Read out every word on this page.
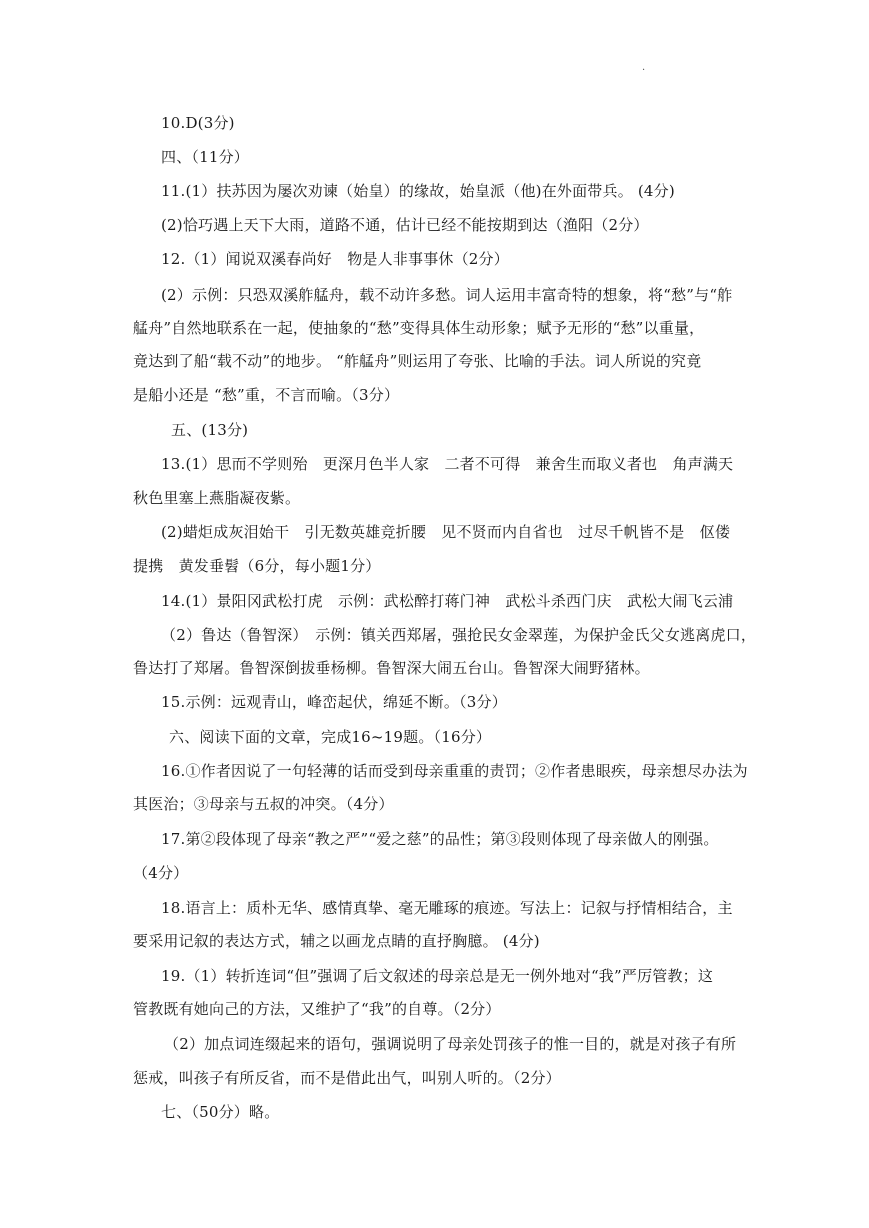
·
10.D(3分)
四、（11分）
11.(1）扶苏因为屡次劝谏（始皇）的缘故，始皇派（他)在外面带兵。 (4分)
(2)恰巧遇上天下大雨，道路不通，估计已经不能按期到达（渔阳（2分）
12.（1）闻说双溪春尚好　物是人非事事休（2分）
(2）示例：只恐双溪舴艋舟，载不动许多愁。词人运用丰富奇特的想象，将“愁”与“舴
艋舟”自然地联系在一起，使抽象的“愁”变得具体生动形象；赋予无形的“愁”以重量，
竟达到了船“载不动”的地步。 “舴艋舟”则运用了夸张、比喻的手法。词人所说的究竟
是船小还是 “愁”重，不言而喻。（3分）
五、(13分)
13.(1）思而不学则殆　更深月色半人家　二者不可得　兼舍生而取义者也　角声满天
秋色里塞上燕脂凝夜紫。
(2)蜡炬成灰泪始干　引无数英雄竞折腰　见不贤而内自省也　过尽千帆皆不是　伛偻
提携　黄发垂髫（6分，每小题1分）
14.(1）景阳冈武松打虎　示例：武松醉打蒋门神　武松斗杀西门庆　武松大闹飞云浦
（2）鲁达（鲁智深）　示例：镇关西郑屠，强抢民女金翠莲，为保护金氏父女逃离虎口，
鲁达打了郑屠。鲁智深倒拔垂杨柳。鲁智深大闹五台山。鲁智深大闹野猪林。
15.示例：远观青山，峰峦起伏，绵延不断。（3分）
六、阅读下面的文章，完成16~19题。（16分）
16.①作者因说了一句轻薄的话而受到母亲重重的责罚；②作者患眼疾，母亲想尽办法为
其医治；③母亲与五叔的冲突。（4分）
17.第②段体现了母亲“教之严”“爱之慈”的品性；第③段则体现了母亲做人的刚强。
（4分）
18.语言上：质朴无华、感情真挚、毫无雕琢的痕迹。写法上：记叙与抒情相结合，主
要采用记叙的表达方式，辅之以画龙点睛的直抒胸臆。 (4分)
19.（1）转折连词“但”强调了后文叙述的母亲总是无一例外地对“我”严厉管教；这
管教既有她向己的方法，又维护了“我”的自尊。（2分）
（2）加点词连缀起来的语句，强调说明了母亲处罚孩子的惟一目的，就是对孩子有所
惩戒，叫孩子有所反省，而不是借此出气，叫别人听的。（2分）
七、（50分）略。
